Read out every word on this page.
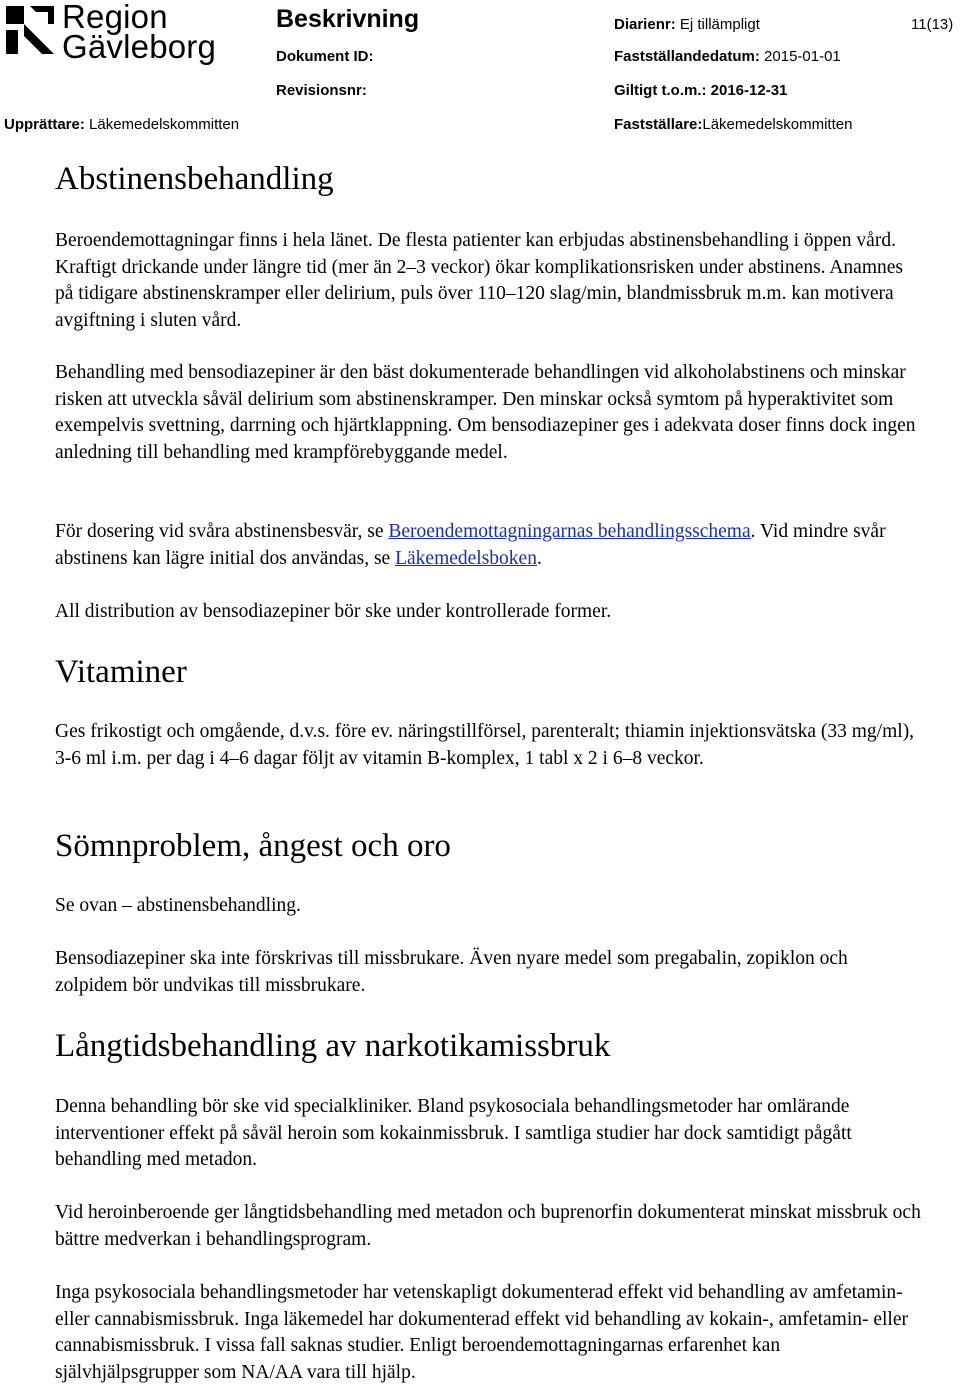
Region
Gävleborg
Beskrivning	Diarienr: Ej tillämpligt	11(13)
Dokument ID:	Fastställandedatum: 2015-01-01
Revisionsnr:	Giltigt t.o.m.: 2016-12-31
Upprättare: Läkemedelskommitten	Fastställare:Läkemedelskommitten
Abstinensbehandling

Beroendemottagningar finns i hela länet. De flesta patienter kan erbjudas abstinensbehandling i öppen vård. Kraftigt drickande under längre tid (mer än 2–3 veckor) ökar komplikationsrisken under abstinens. Anamnes på tidigare abstinenskramper eller delirium, puls över 110–120 slag/min, blandmissbruk m.m. kan motivera avgiftning i sluten vård.

Behandling med bensodiazepiner är den bäst dokumenterade behandlingen vid alkoholabstinens och minskar risken att utveckla såväl delirium som abstinenskramper. Den minskar också symtom på hyperaktivitet som exempelvis svettning, darrning och hjärtklappning. Om bensodiazepiner ges i adekvata doser finns dock ingen anledning till behandling med krampförebyggande medel.

För dosering vid svåra abstinensbesvär, se Beroendemottagningarnas behandlingsschema. Vid mindre svår abstinens kan lägre initial dos användas, se Läkemedelsboken.

All distribution av bensodiazepiner bör ske under kontrollerade former.

Vitaminer

Ges frikostigt och omgående, d.v.s. före ev. näringstillförsel, parenteralt; thiamin injektionsvätska (33 mg/ml), 3-6 ml i.m. per dag i 4–6 dagar följt av vitamin B-komplex, 1 tabl x 2 i 6–8 veckor.

Sömnproblem, ångest och oro

Se ovan – abstinensbehandling.

Bensodiazepiner ska inte förskrivas till missbrukare. Även nyare medel som pregabalin, zopiklon och zolpidem bör undvikas till missbrukare.

Långtidsbehandling av narkotikamissbruk

Denna behandling bör ske vid specialkliniker. Bland psykosociala behandlingsmetoder har omlärande interventioner effekt på såväl heroin som kokainmissbruk. I samtliga studier har dock samtidigt pågått behandling med metadon.

Vid heroinberoende ger långtidsbehandling med metadon och buprenorfin dokumenterat minskat missbruk och bättre medverkan i behandlingsprogram.

Inga psykosociala behandlingsmetoder har vetenskapligt dokumenterad effekt vid behandling av amfetamin- eller cannabismissbruk. Inga läkemedel har dokumenterad effekt vid behandling av kokain-, amfetamin- eller cannabismissbruk. I vissa fall saknas studier. Enligt beroendemottagningarnas erfarenhet kan självhjälpsgrupper som NA/AA vara till hjälp.
